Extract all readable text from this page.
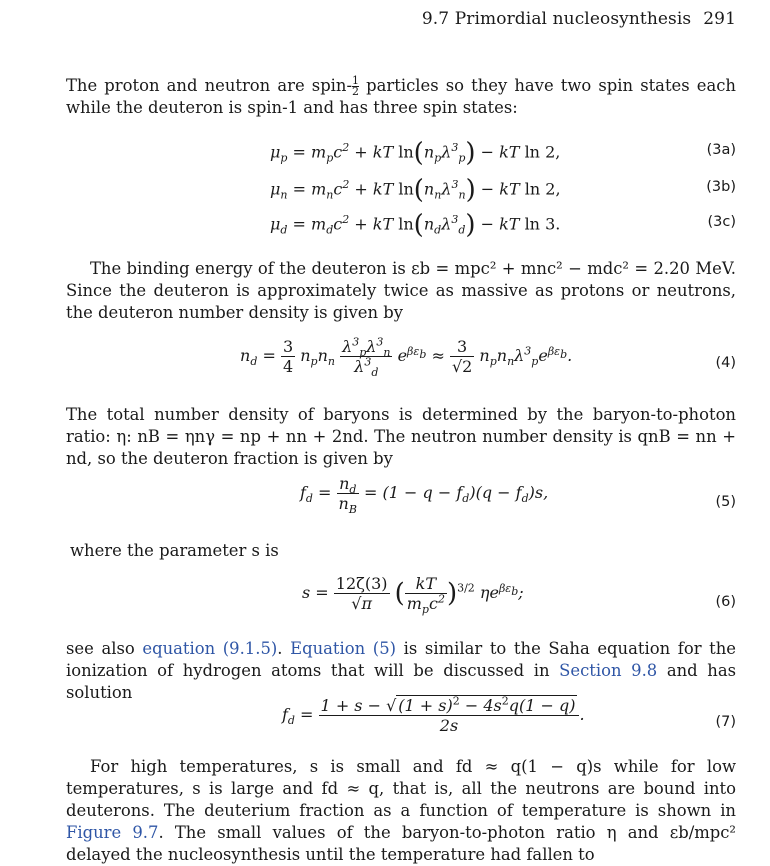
9.7 Primordial nucleosynthesis 291

The proton and neutron are spin- $\frac{1}{2}$ particles so they have two spin states each while the deuteron is spin-1 and has three spin states:

$\mu_p = m_pc^2$ + kT $\ln(n_p\lambda^3_p)$ − kT ln 2,	(3a)
$\mu_n = m_nc^2$ + kT $\ln(n_n\lambda^3_n)$ − kT ln 2,	(3b)
$\mu_d = m_dc^2$ + kT $\ln(n_d\lambda^3_d)$ − kT ln 3.	(3c)

The binding energy of the deuteron is εb = mpc² + mnc² − mdc² = 2.20 MeV. Since the deuteron is approximately twice as massive as protons or neutrons, the deuteron number density is given by

$n_d = \frac{3}{4} n_pn_n \frac{\lambda^3_p\lambda^3_n}{\lambda^3_d} e^{\beta\varepsilon_b} \approx \frac{3}{√2} n_pn_n\lambda^3_pe^{\beta\varepsilon_b}$.	(4)

The total number density of baryons is determined by the baryon-to-photon ratio: η: nB = ηnγ = np + nn + 2nd. The neutron number density is qnB = nn + nd, so the deuteron fraction is given by

$f_d = \frac{n_d}{n_B} = (1 - q - f_d)(q - f_d)s$,	(5)

where the parameter s is

$s = \frac{12\zeta(3)}{√\pi}$ ( $\frac{kT}{m_pc^2} )^{3/2}$ $\eta e^{\beta\varepsilon_b}$;	(6)

see also equation (9.1.5). Equation (5) is similar to the Saha equation for the ionization of hydrogen atoms that will be discussed in Section 9.8 and has solution

$f_d = \frac{1 + s - √ (1 + s)^2 - 4s^2q(1 - q)}{2s}$ .	(7)

For high temperatures, s is small and fd ≈ q(1 − q)s while for low temperatures, s is large and fd ≈ q, that is, all the neutrons are bound into deuterons. The deuterium fraction as a function of temperature is shown in Figure 9.7. The small values of the baryon-to-photon ratio η and εb/mpc² delayed the nucleosynthesis until the temperature had fallen to
